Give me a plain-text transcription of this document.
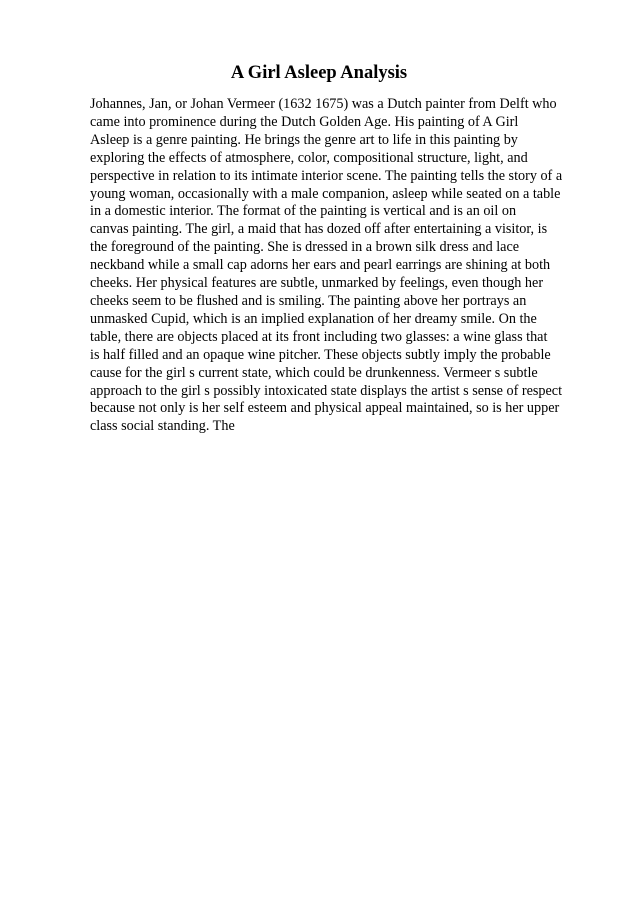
A Girl Asleep Analysis
Johannes, Jan, or Johan Vermeer (1632 1675) was a Dutch painter from Delft who
came into prominence during the Dutch Golden Age. His painting of A Girl
Asleep is a genre painting. He brings the genre art to life in this painting by
exploring the effects of atmosphere, color, compositional structure, light, and
perspective in relation to its intimate interior scene. The painting tells the story of a
young woman, occasionally with a male companion, asleep while seated on a table
in a domestic interior. The format of the painting is vertical and is an oil on
canvas painting. The girl, a maid that has dozed off after entertaining a visitor, is
the foreground of the painting. She is dressed in a brown silk dress and lace
neckband while a small cap adorns her ears and pearl earrings are shining at both
cheeks. Her physical features are subtle, unmarked by feelings, even though her
cheeks seem to be flushed and is smiling. The painting above her portrays an
unmasked Cupid, which is an implied explanation of her dreamy smile. On the
table, there are objects placed at its front including two glasses: a wine glass that
is half filled and an opaque wine pitcher. These objects subtly imply the probable
cause for the girl s current state, which could be drunkenness. Vermeer s subtle
approach to the girl s possibly intoxicated state displays the artist s sense of respect
because not only is her self esteem and physical appeal maintained, so is her upper
class social standing. The
